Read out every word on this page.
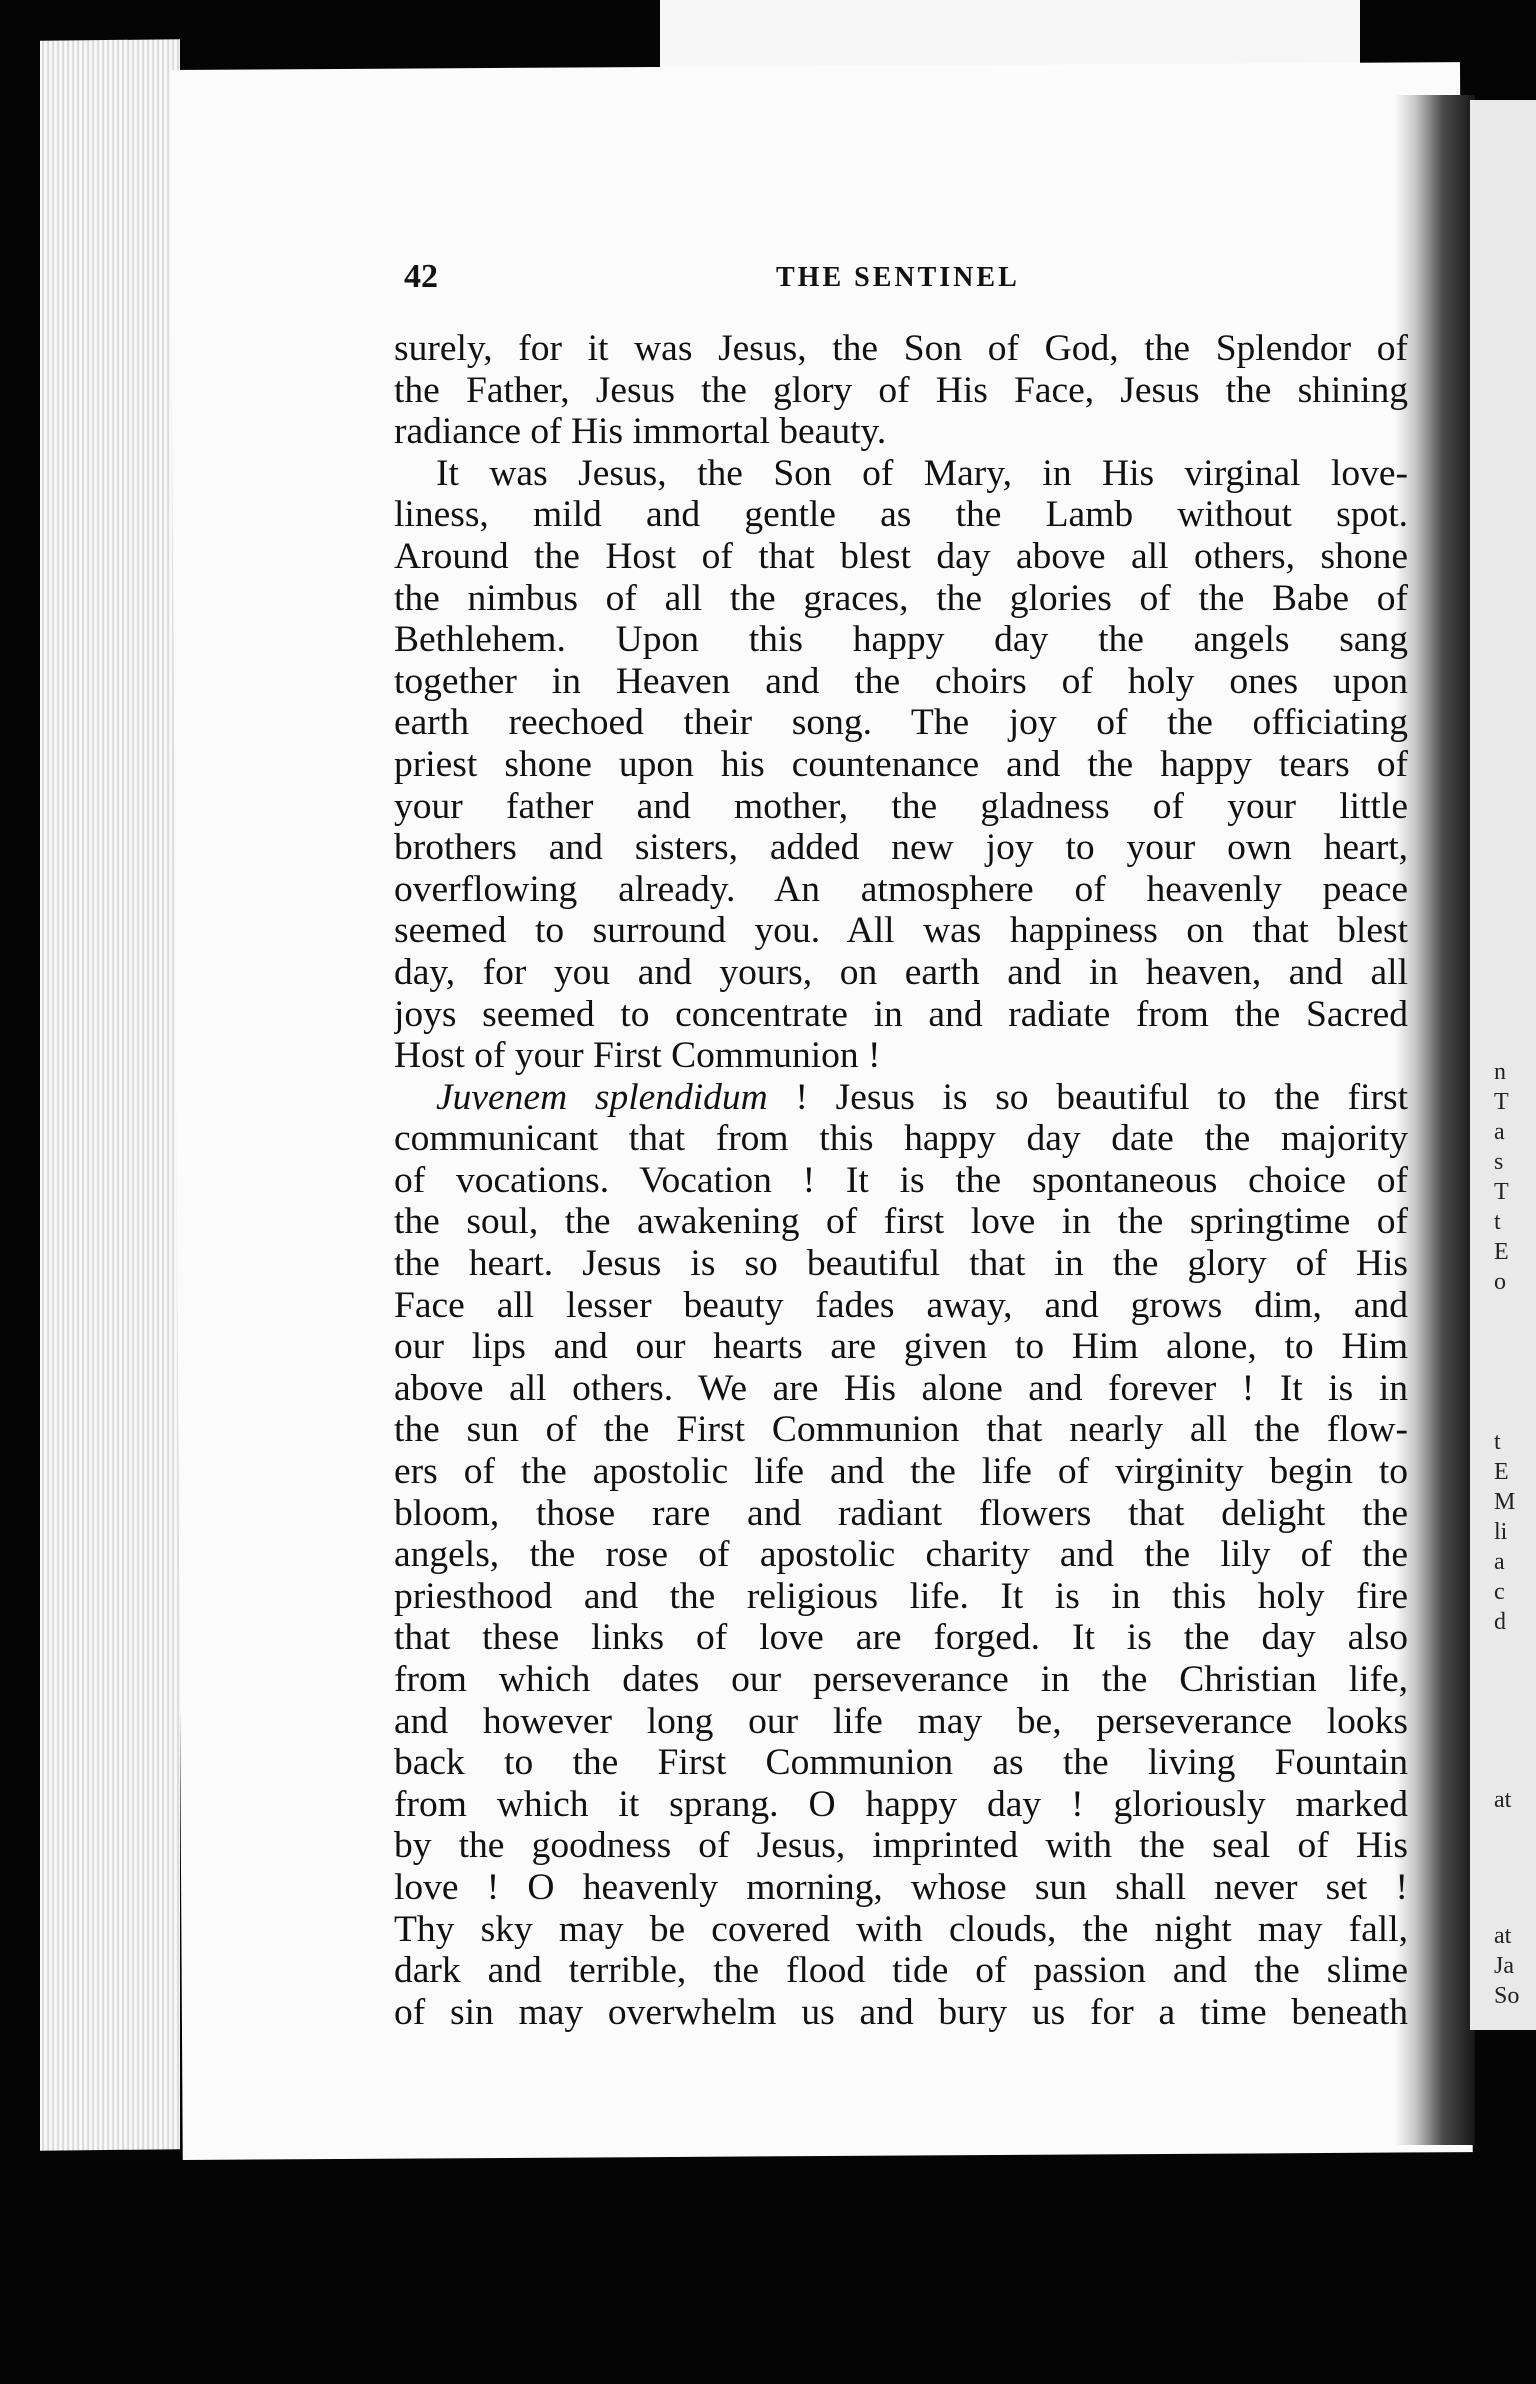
n
T
a
s
T
t
E
o
t
E
M
li
a
c
d
at
at
Ja
So
42	THE SENTINEL
surely, for it was Jesus, the Son of God, the Splendor of
the Father, Jesus the glory of His Face, Jesus the shining
radiance of His immortal beauty.
It was Jesus, the Son of Mary, in His virginal love-
liness, mild and gentle as the Lamb without spot.
Around the Host of that blest day above all others, shone
the nimbus of all the graces, the glories of the Babe of
Bethlehem. Upon this happy day the angels sang
together in Heaven and the choirs of holy ones upon
earth reechoed their song. The joy of the officiating
priest shone upon his countenance and the happy tears of
your father and mother, the gladness of your little
brothers and sisters, added new joy to your own heart,
overflowing already. An atmosphere of heavenly peace
seemed to surround you. All was happiness on that blest
day, for you and yours, on earth and in heaven, and all
joys seemed to concentrate in and radiate from the Sacred
Host of your First Communion !
Juvenem splendidum ! Jesus is so beautiful to the first
communicant that from this happy day date the majority
of vocations. Vocation ! It is the spontaneous choice of
the soul, the awakening of first love in the springtime of
the heart. Jesus is so beautiful that in the glory of His
Face all lesser beauty fades away, and grows dim, and
our lips and our hearts are given to Him alone, to Him
above all others. We are His alone and forever ! It is in
the sun of the First Communion that nearly all the flow-
ers of the apostolic life and the life of virginity begin to
bloom, those rare and radiant flowers that delight the
angels, the rose of apostolic charity and the lily of the
priesthood and the religious life. It is in this holy fire
that these links of love are forged. It is the day also
from which dates our perseverance in the Christian life,
and however long our life may be, perseverance looks
back to the First Communion as the living Fountain
from which it sprang. O happy day ! gloriously marked
by the goodness of Jesus, imprinted with the seal of His
love ! O heavenly morning, whose sun shall never set !
Thy sky may be covered with clouds, the night may fall,
dark and terrible, the flood tide of passion and the slime
of sin may overwhelm us and bury us for a time beneath
